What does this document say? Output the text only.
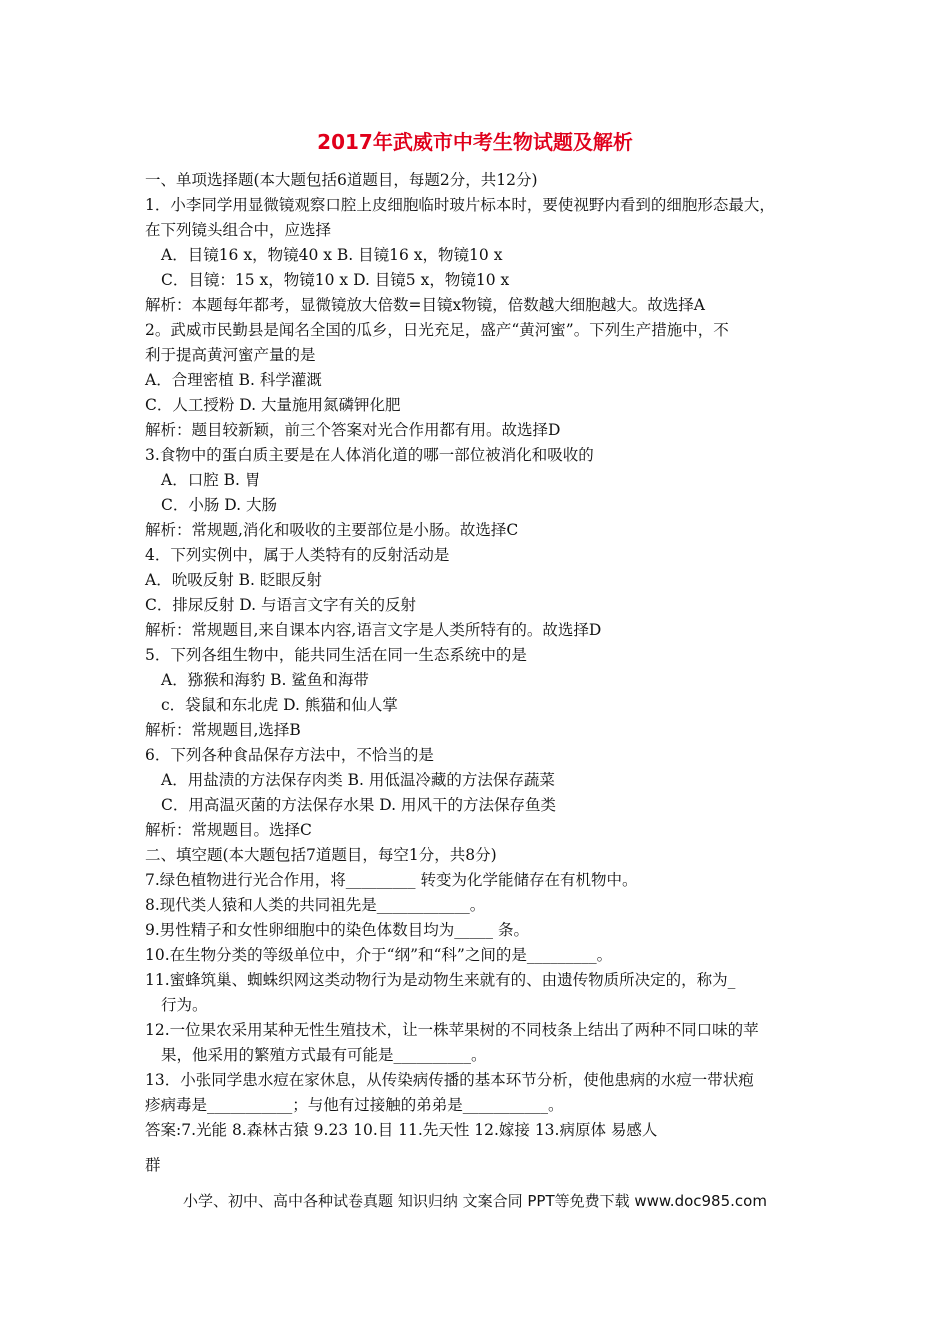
2017年武威市中考生物试题及解析
一、单项选择题(本大题包括6道题目，每题2分，共12分)
1．小李同学用显微镜观察口腔上皮细胞临时玻片标本时，要使视野内看到的细胞形态最大，
在下列镜头组合中，应选择
A．目镜16 x，物镜40 x B. 目镜16 x，物镜10 x
C．目镜：15 x，物镜10 x D. 目镜5 x，物镜10 x
解析：本题每年都考，显微镜放大倍数=目镜x物镜，倍数越大细胞越大。故选择A
2。武威市民勤县是闻名全国的瓜乡，日光充足，盛产“黄河蜜”。下列生产措施中，不
利于提高黄河蜜产量的是
A．合理密植 B. 科学灌溉
C．人工授粉 D. 大量施用氮磷钾化肥
解析：题目较新颖，前三个答案对光合作用都有用。故选择D
3.食物中的蛋白质主要是在人体消化道的哪一部位被消化和吸收的
A．口腔 B. 胃
C．小肠 D. 大肠
解析：常规题,消化和吸收的主要部位是小肠。故选择C
4．下列实例中，属于人类特有的反射活动是
A．吮吸反射 B. 眨眼反射
C．排尿反射 D. 与语言文字有关的反射
解析：常规题目,来自课本内容,语言文字是人类所特有的。故选择D
5．下列各组生物中，能共同生活在同一生态系统中的是
A．猕猴和海豹 B. 鲨鱼和海带
c．袋鼠和东北虎 D. 熊猫和仙人掌
解析：常规题目,选择B
6．下列各种食品保存方法中，不恰当的是
A．用盐渍的方法保存肉类 B. 用低温冷藏的方法保存蔬菜
C．用高温灭菌的方法保存水果 D. 用风干的方法保存鱼类
解析：常规题目。选择C
二、填空题(本大题包括7道题目，每空1分，共8分)
7.绿色植物进行光合作用，将_________ 转变为化学能储存在有机物中。
8.现代类人猿和人类的共同祖先是____________。
9.男性精子和女性卵细胞中的染色体数目均为_____ 条。
10.在生物分类的等级单位中，介于“纲”和“科”之间的是_________。
11.蜜蜂筑巢、蜘蛛织网这类动物行为是动物生来就有的、由遗传物质所决定的，称为_
行为。
12.一位果农采用某种无性生殖技术，让一株苹果树的不同枝条上结出了两种不同口味的苹
果，他采用的繁殖方式最有可能是__________。
13．小张同学患水痘在家休息，从传染病传播的基本环节分析，使他患病的水痘一带状疱
疹病毒是___________；与他有过接触的弟弟是___________。
答案:7.光能 8.森林古猿 9.23 10.目 11.先天性 12.嫁接 13.病原体 易感人
群
小学、初中、高中各种试卷真题 知识归纳 文案合同 PPT等免费下载 www.doc985.com
